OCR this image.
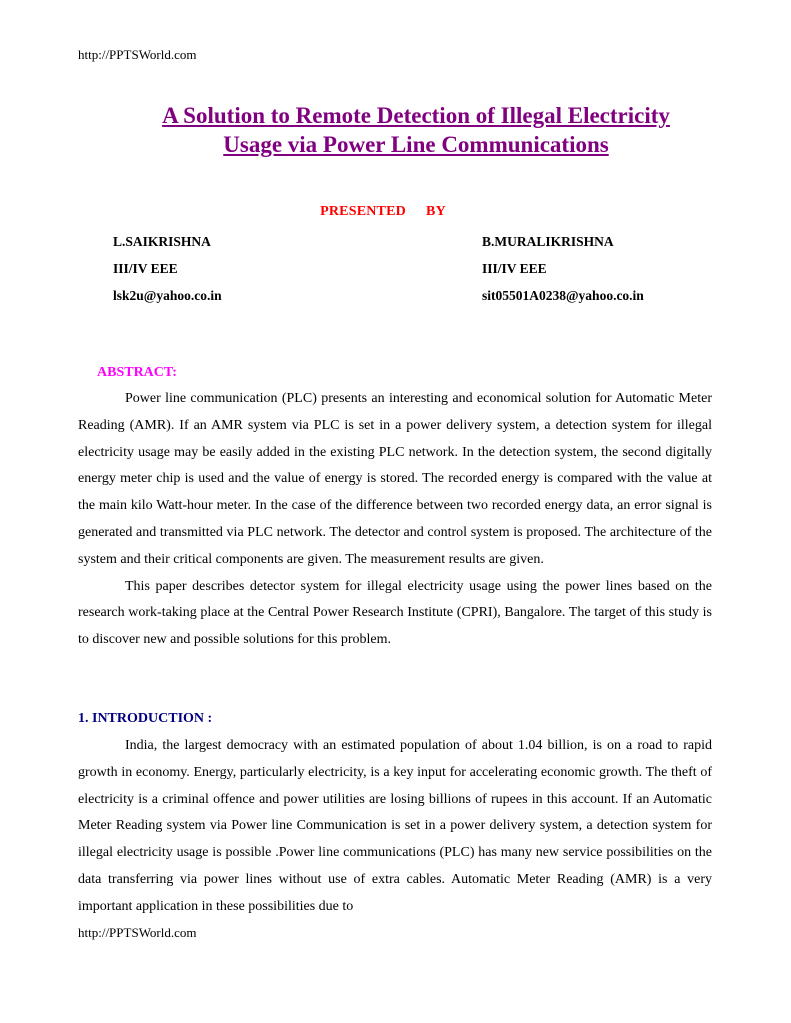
http://PPTSWorld.com
A Solution to Remote Detection of Illegal Electricity
Usage via Power Line Communications
PRESENTED   BY
L.SAIKRISHNA
III/IV EEE
lsk2u@yahoo.co.in
B.MURALIKRISHNA
III/IV EEE
sit05501A0238@yahoo.co.in
ABSTRACT:

Power line communication (PLC) presents an interesting and economical solution for Automatic Meter Reading (AMR). If an AMR system via PLC is set in a power delivery system, a detection system for illegal electricity usage may be easily added in the existing PLC network. In the detection system, the second digitally energy meter chip is used and the value of energy is stored. The recorded energy is compared with the value at the main kilo Watt-hour meter. In the case of the difference between two recorded energy data, an error signal is generated and transmitted via PLC network. The detector and control system is proposed. The architecture of the system and their critical components are given. The measurement results are given.

This paper describes detector system for illegal electricity usage using the power lines based on the research work-taking place at the Central Power Research Institute (CPRI), Bangalore. The target of this study is to discover new and possible solutions for this problem.

1. INTRODUCTION :

India, the largest democracy with an estimated population of about 1.04 billion, is on a road to rapid growth in economy. Energy, particularly electricity, is a key input for accelerating economic growth. The theft of electricity is a criminal offence and power utilities are losing billions of rupees in this account. If an Automatic Meter Reading system via Power line Communication is set in a power delivery system, a detection system for illegal electricity usage is possible .Power line communications (PLC) has many new service possibilities on the data transferring via power lines without use of extra cables. Automatic Meter Reading (AMR) is a very important application in these possibilities due to

http://PPTSWorld.com
